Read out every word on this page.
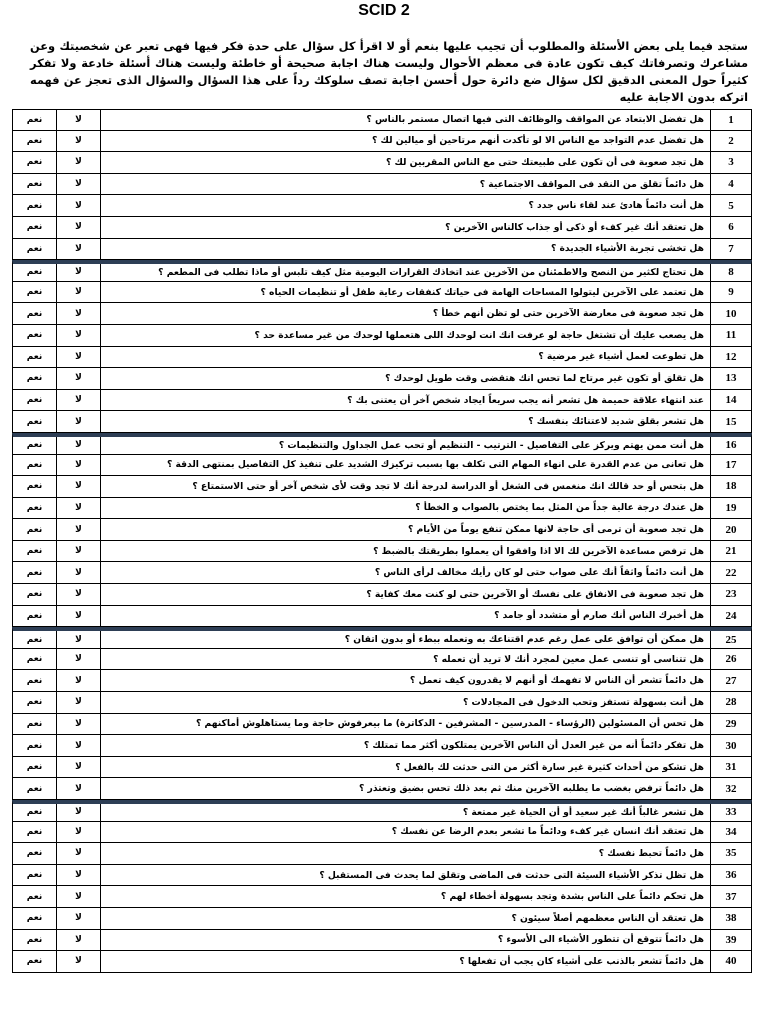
SCID 2
ستجد فيما يلى بعض الأسئلة والمطلوب أن تجيب عليها بنعم أو لا اقرأ كل سؤال على حدة فكر فيها فهى تعبر عن شخصيتك وعن مشاعرك وتصرفاتك كيف تكون عادة فى معظم الأحوال وليست هناك اجابة صحيحة أو خاطئة وليست هناك أسئلة خادعة ولا تفكر كثيراً حول المعنى الدقيق لكل سؤال ضع دائرة حول أحسن اجابة تصف سلوكك رداً على هذا السؤال والسؤال الذى تعجز عن فهمه اتركه بدون الاجابة عليه
نعم	لا	هل تفضل الابتعاد عن المواقف والوظائف التى فيها اتصال مستمر بالناس ؟	1
نعم	لا	هل تفضل عدم التواجد مع الناس الا لو تأكدت أنهم مرتاحين أو ميالين لك ؟	2
نعم	لا	هل تجد صعوبة فى أن تكون على طبيعتك حتى مع الناس المقربين لك ؟	3
نعم	لا	هل دائماً تقلق من النقد فى المواقف الاجتماعية ؟	4
نعم	لا	هل أنت دائماً هادئ عند لقاء ناس جدد ؟	5
نعم	لا	هل تعتقد أنك غير كفء أو ذكى أو جذاب كالناس الآخرين ؟	6
نعم	لا	هل تخشى تجربة الأشياء الجديدة ؟	7
نعم	لا	هل تحتاج لكثير من النصح والاطمئنان من الآخرين عند اتخاذك القرارات اليومية مثل كيف تلبس أو ماذا تطلب فى المطعم ؟	8
نعم	لا	هل تعتمد على الآخرين ليتولوا المساحات الهامة فى حياتك كنفقات رعاية طفل أو تنظيمات الحياه ؟	9
نعم	لا	هل تجد صعوبة فى معارضة الآخرين حتى لو تظن أنهم خطأ ؟	10
نعم	لا	هل يصعب عليك أن تشتغل حاجة لو عرفت انك انت لوحدك اللى هتعملها لوحدك من غير مساعدة حد ؟	11
نعم	لا	هل تطوعت لعمل أشياء غير مرضية ؟	12
نعم	لا	هل تقلق أو تكون غير مرتاح لما تحس انك هتقضى وقت طويل لوحدك ؟	13
نعم	لا	عند انتهاء علاقة حميمة هل تشعر أنه يجب سريعاً ايجاد شخص آخر أن يعتنى بك ؟	14
نعم	لا	هل تشعر بقلق شديد لاعتنائك بنفسك ؟	15
نعم	لا	هل أنت ممن يهتم ويركز على التفاصيل - الترتيب - التنظيم أو تحب عمل الجداول والتنظيمات ؟	16
نعم	لا	هل تعانى من عدم القدرة على انهاء المهام التى تكلف بها بسبب تركيزك الشديد على تنفيذ كل التفاصيل بمنتهى الدقة ؟	17
نعم	لا	هل بتحس أو حد قالك انك منغمس فى الشغل أو الدراسة لدرجة أنك لا تجد وقت لأى شخص آخر أو حتى الاستمتاع ؟	18
نعم	لا	هل عندك درجة عالية جداً من المثل بما يختص بالصواب و الخطأ ؟	19
نعم	لا	هل تجد صعوبة أن ترمى أى حاجة لانها ممكن تنفع يوماً من الأيام ؟	20
نعم	لا	هل ترفض مساعدة الآخرين لك الا اذا وافقوا أن يعملوا بطريقتك بالضبط ؟	21
نعم	لا	هل أنت دائماً واثقاً أنك على صواب حتى لو كان رأيك مخالف لرأى الناس ؟	22
نعم	لا	هل تجد صعوبة فى الانفاق على نفسك أو الآخرين حتى لو كنت معك كفاية ؟	23
نعم	لا	هل أخبرك الناس أنك صارم أو متشدد أو جامد ؟	24
نعم	لا	هل ممكن أن توافق على عمل رغم عدم اقتناعك به وتعمله ببطء أو بدون اتقان ؟	25
نعم	لا	هل تتناسى أو تنسى عمل معين لمجرد أنك لا تريد أن تعمله ؟	26
نعم	لا	هل دائماً تشعر أن الناس لا تفهمك أو أنهم لا يقدرون كيف تعمل ؟	27
نعم	لا	هل أنت بسهولة تستفز وتحب الدخول فى المجادلات ؟	28
نعم	لا	هل تحس أن المسئولين (الرؤساء - المدرسين - المشرفين - الدكاترة) ما بيعرفوش حاجة وما يستاهلوش أماكنهم ؟	29
نعم	لا	هل تفكر دائماً أنه من غير العدل أن الناس الآخرين يمتلكون أكثر مما تمتلك ؟	30
نعم	لا	هل تشكو من أحداث كثيرة غير سارة أكثر من التى حدثت لك بالفعل ؟	31
نعم	لا	هل دائماً ترفض بغضب ما يطلبه الآخرين منك ثم بعد ذلك تحس بضيق وتعتذر ؟	32
نعم	لا	هل تشعر غالباً أنك غير سعيد أو أن الحياة غير ممتعة ؟	33
نعم	لا	هل تعتقد أنك انسان غير كفء ودائماً ما تشعر بعدم الرضا عن نفسك ؟	34
نعم	لا	هل دائماً تحبط نفسك ؟	35
نعم	لا	هل تظل تذكر الأشياء السيئة التى حدثت فى الماضى وتقلق لما يحدث فى المستقبل ؟	36
نعم	لا	هل تحكم دائماً على الناس بشدة وتجد بسهولة أخطاء لهم ؟	37
نعم	لا	هل تعتقد أن الناس معظمهم أصلاً سيئون ؟	38
نعم	لا	هل دائماً تتوقع أن تتطور الأشياء الى الأسوء ؟	39
نعم	لا	هل دائماً تشعر بالذنب على أشياء كان يجب أن تفعلها ؟	40
